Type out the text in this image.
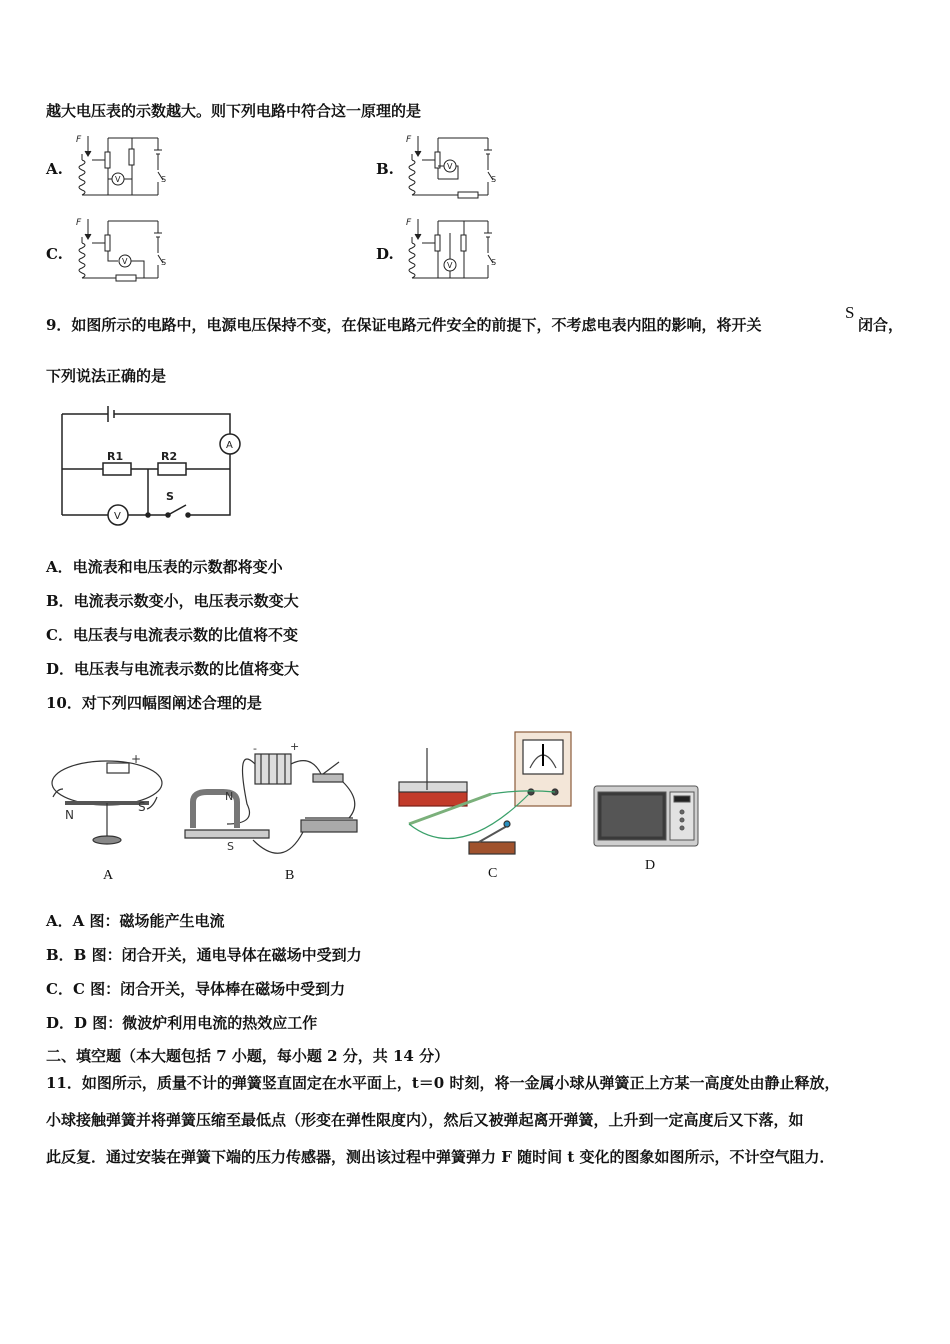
越大电压表的示数越大。则下列电路中符合这一原理的是
A.	B.
C.	D.
F
V	S
F
V
S
F
V	S
F
V	S
9．如图所示的电路中，电源电压保持不变，在保证电路元件安全的前提下，不考虑电表内阻的影响，将开关
S
闭合，
下列说法正确的是
A
R1	R2
V
S
A．电流表和电压表的示数都将变小
B．电流表示数变小，电压表示数变大
C．电压表与电流表示数的比值将不变
D．电压表与电流表示数的比值将变大
10．对下列四幅图阐述合理的是
-	+
N
S
A
-	+
N
S
B	C
D
A．A 图：磁场能产生电流
B．B 图：闭合开关，通电导体在磁场中受到力
C．C 图：闭合开关，导体棒在磁场中受到力
D．D 图：微波炉利用电流的热效应工作
二、填空题（本大题包括 7 小题，每小题 2 分，共 14 分）
11．如图所示，质量不计的弹簧竖直固定在水平面上，t＝0 时刻，将一金属小球从弹簧正上方某一高度处由静止释放，
小球接触弹簧并将弹簧压缩至最低点（形变在弹性限度内），然后又被弹起离开弹簧，上升到一定高度后又下落，如
此反复．通过安装在弹簧下端的压力传感器，测出该过程中弹簧弹力 F 随时间 t 变化的图象如图所示，不计空气阻力．
